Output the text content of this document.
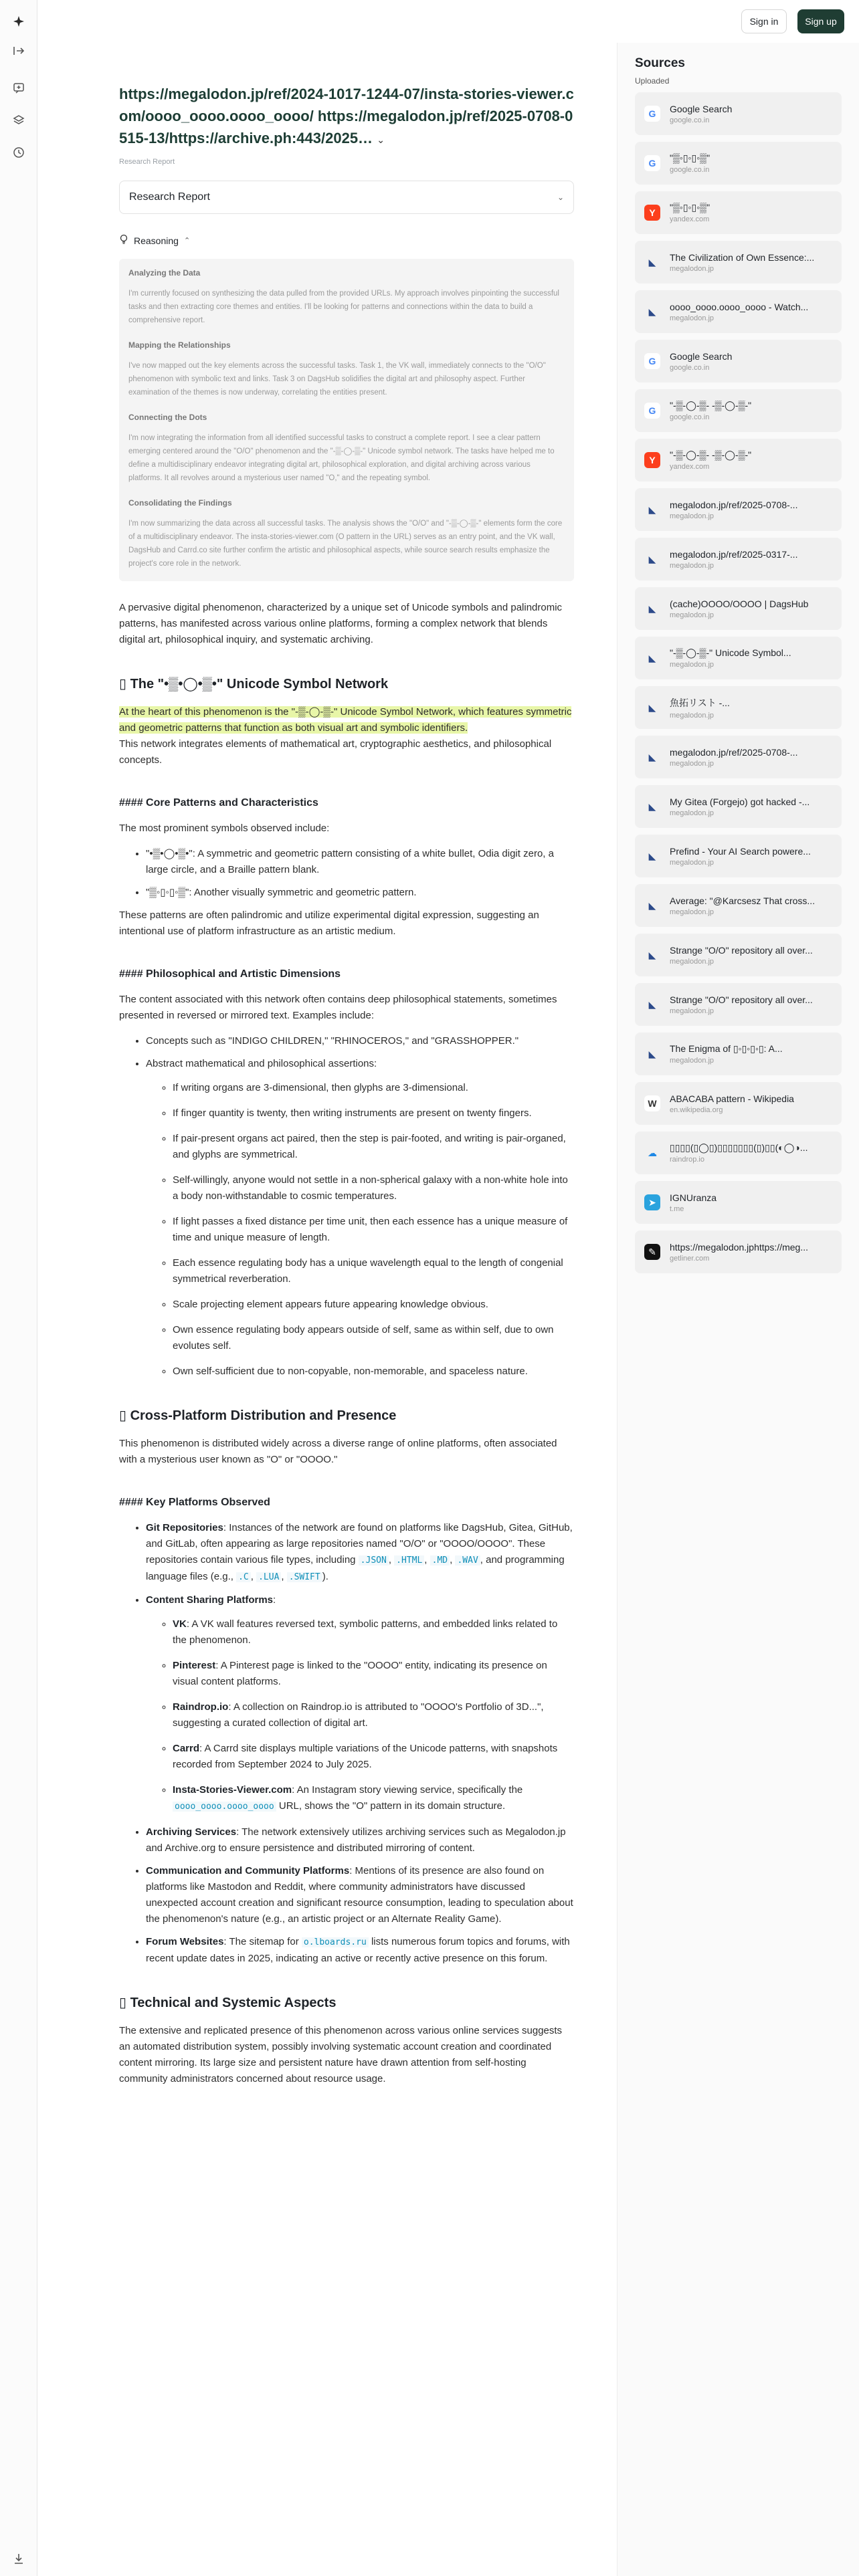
Sign in	Sign up
https://megalodon.jp/ref/2024-1017-1244-07/insta-stories-viewer.com/oooo_oooo.oooo_oooo/ https://megalodon.jp/ref/2025-0708-0515-13/https://archive.ph:443/2025… ⌄
Research Report
Research Report	⌄
Reasoning ⌃
Analyzing the Data
I'm currently focused on synthesizing the data pulled from the provided URLs. My approach involves pinpointing the successful tasks and then extracting core themes and entities. I'll be looking for patterns and connections within the data to build a comprehensive report.
Mapping the Relationships
I've now mapped out the key elements across the successful tasks. Task 1, the VK wall, immediately connects to the "O/O" phenomenon with symbolic text and links. Task 3 on DagsHub solidifies the digital art and philosophy aspect. Further examination of the themes is now underway, correlating the entities present.
Connecting the Dots
I'm now integrating the information from all identified successful tasks to construct a complete report. I see a clear pattern emerging centered around the "O/O" phenomenon and the "-▒-◯-▒-" Unicode symbol network. The tasks have helped me to define a multidisciplinary endeavor integrating digital art, philosophical exploration, and digital archiving across various platforms. It all revolves around a mysterious user named "O," and the repeating symbol.
Consolidating the Findings
I'm now summarizing the data across all successful tasks. The analysis shows the "O/O" and "-▒-◯-▒-" elements form the core of a multidisciplinary endeavor. The insta-stories-viewer.com (O pattern in the URL) serves as an entry point, and the VK wall, DagsHub and Carrd.co site further confirm the artistic and philosophical aspects, while source search results emphasize the project's core role in the network.

A pervasive digital phenomenon, characterized by a unique set of Unicode symbols and palindromic patterns, has manifested across various online platforms, forming a complex network that blends digital art, philosophical inquiry, and systematic archiving.

▯ The "•▒•◯•▒•" Unicode Symbol Network

At the heart of this phenomenon is the "-▒-◯-▒-" Unicode Symbol Network, which features symmetric and geometric patterns that function as both visual art and symbolic identifiers.
This network integrates elements of mathematical art, cryptographic aesthetics, and philosophical concepts.

#### Core Patterns and Characteristics

The most prominent symbols observed include:

• "•▒•◯•▒•": A symmetric and geometric pattern consisting of a white bullet, Odia digit zero, a large circle, and a Braille pattern blank.
• "▒◦▯◦▯◦▒": Another visually symmetric and geometric pattern.

These patterns are often palindromic and utilize experimental digital expression, suggesting an intentional use of platform infrastructure as an artistic medium.

#### Philosophical and Artistic Dimensions

The content associated with this network often contains deep philosophical statements, sometimes presented in reversed or mirrored text. Examples include:

• Concepts such as "INDIGO CHILDREN," "RHINOCEROS," and "GRASSHOPPER."
• Abstract mathematical and philosophical assertions:
◦ If writing organs are 3-dimensional, then glyphs are 3-dimensional.
◦ If finger quantity is twenty, then writing instruments are present on twenty fingers.
◦ If pair-present organs act paired, then the step is pair-footed, and writing is pair-organed, and glyphs are symmetrical.
◦ Self-willingly, anyone would not settle in a non-spherical galaxy with a non-white hole into a body non-withstandable to cosmic temperatures.
◦ If light passes a fixed distance per time unit, then each essence has a unique measure of time and unique measure of length.
◦ Each essence regulating body has a unique wavelength equal to the length of congenial symmetrical reverberation.
◦ Scale projecting element appears future appearing knowledge obvious.
◦ Own essence regulating body appears outside of self, same as within self, due to own evolutes self.
◦ Own self-sufficient due to non-copyable, non-memorable, and spaceless nature.
▯ Cross-Platform Distribution and Presence

This phenomenon is distributed widely across a diverse range of online platforms, often associated with a mysterious user known as "O" or "OOOO."

#### Key Platforms Observed
• Git Repositories: Instances of the network are found on platforms like DagsHub, Gitea, GitHub, and GitLab, often appearing as large repositories named "O/O" or "OOOO/OOOO". These repositories contain various file types, including .JSON , .HTML , .MD , .WAV , and programming language files (e.g., .C , .LUA , .SWIFT ).
• Content Sharing Platforms:
◦ VK: A VK wall features reversed text, symbolic patterns, and embedded links related to the phenomenon.
◦ Pinterest: A Pinterest page is linked to the "OOOO" entity, indicating its presence on visual content platforms.
◦ Raindrop.io: A collection on Raindrop.io is attributed to "OOOO's Portfolio of 3D...", suggesting a curated collection of digital art.
◦ Carrd: A Carrd site displays multiple variations of the Unicode patterns, with snapshots recorded from September 2024 to July 2025.
◦ Insta-Stories-Viewer.com: An Instagram story viewing service, specifically the oooo_oooo.oooo_oooo URL, shows the "O" pattern in its domain structure.
• Archiving Services: The network extensively utilizes archiving services such as Megalodon.jp and Archive.org to ensure persistence and distributed mirroring of content.
• Communication and Community Platforms: Mentions of its presence are also found on platforms like Mastodon and Reddit, where community administrators have discussed unexpected account creation and significant resource consumption, leading to speculation about the phenomenon's nature (e.g., an artistic project or an Alternate Reality Game).
• Forum Websites: The sitemap for o.lboards.ru lists numerous forum topics and forums, with recent update dates in 2025, indicating an active or recently active presence on this forum.
▯ Technical and Systemic Aspects

The extensive and replicated presence of this phenomenon across various online services suggests an automated distribution system, possibly involving systematic account creation and coordinated content mirroring. Its large size and persistent nature have drawn attention from self-hosting community administrators concerned about resource usage.

Sources
Uploaded
G	Google Search
google.co.in
G	"▒◦▯◦▯◦▒"
google.co.in
Y	"▒◦▯◦▯◦▒"
yandex.com
◣	The Civilization of Own Essence:...
megalodon.jp
◣	oooo_oooo.oooo_oooo - Watch...
megalodon.jp
G	Google Search
google.co.in
G	"-▒-◯-▒- -▒-◯-▒-"
google.co.in
Y	"-▒-◯-▒- -▒-◯-▒-"
yandex.com
◣	megalodon.jp/ref/2025-0708-...
megalodon.jp
◣	megalodon.jp/ref/2025-0317-...
megalodon.jp
◣	(cache)OOOO/OOOO | DagsHub
megalodon.jp
◣	"-▒-◯-▒-" Unicode Symbol...
megalodon.jp
◣	魚拓リスト -...
megalodon.jp
◣	megalodon.jp/ref/2025-0708-...
megalodon.jp
◣	My Gitea (Forgejo) got hacked -...
megalodon.jp
◣	Prefind - Your AI Search powere...
megalodon.jp
◣	Average: "@Karcsesz That cross...
megalodon.jp
◣	Strange "O/O" repository all over...
megalodon.jp
◣	Strange "O/O" repository all over...
megalodon.jp
◣	The Enigma of ▯◦▯◦▯◦▯: A...
megalodon.jp
W	ABACABA pattern - Wikipedia
en.wikipedia.org
☁	▯▯▯▯(▯◯▯)▯▯▯▯▯▯▯(▯)▯▯(◐◯◑...
raindrop.io
➤	IGNUranza
t.me
✎	https://megalodon.jphttps://meg...
getliner.com
